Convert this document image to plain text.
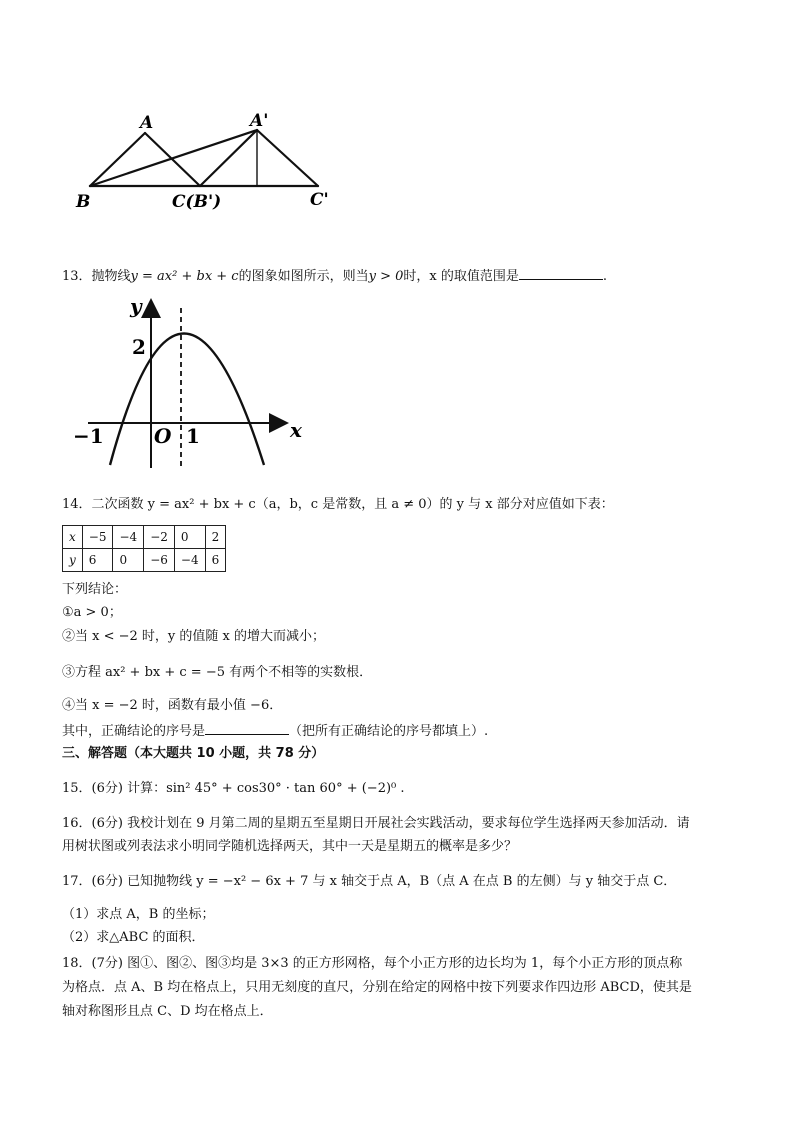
A	A'
B	C(B')	C'
13．抛物线y = ax² + bx + c的图象如图所示，则当y > 0时，x 的取值范围是	.
y
x
2
−1	O 1
14．二次函数 y = ax² + bx + c（a，b，c 是常数，且 a ≠ 0）的 y 与 x 部分对应值如下表：
x	−5	−4	−2	0	2
y	6	0	−6	−4	6
下列结论：
①a > 0；
②当 x < −2 时，y 的值随 x 的增大而减小；
③方程 ax² + bx + c = −5 有两个不相等的实数根．
④当 x = −2 时，函数有最小值 −6．
其中，正确结论的序号是	（把所有正确结论的序号都填上）.
三、解答题（本大题共 10 小题，共 78 分）
15．(6分) 计算：sin² 45° + cos30° · tan 60° + (−2)⁰ .
16．(6分) 我校计划在 9 月第二周的星期五至星期日开展社会实践活动，要求每位学生选择两天参加活动．请
用树状图或列表法求小明同学随机选择两天，其中一天是星期五的概率是多少？
17．(6分) 已知抛物线 y = −x² − 6x + 7 与 x 轴交于点 A，B（点 A 在点 B 的左侧）与 y 轴交于点 C．
（1）求点 A，B 的坐标；
（2）求△ABC 的面积．
18．(7分) 图①、图②、图③均是 3×3 的正方形网格，每个小正方形的边长均为 1，每个小正方形的顶点称
为格点．点 A、B 均在格点上，只用无刻度的直尺，分别在给定的网格中按下列要求作四边形 ABCD，使其是
轴对称图形且点 C、D 均在格点上．
